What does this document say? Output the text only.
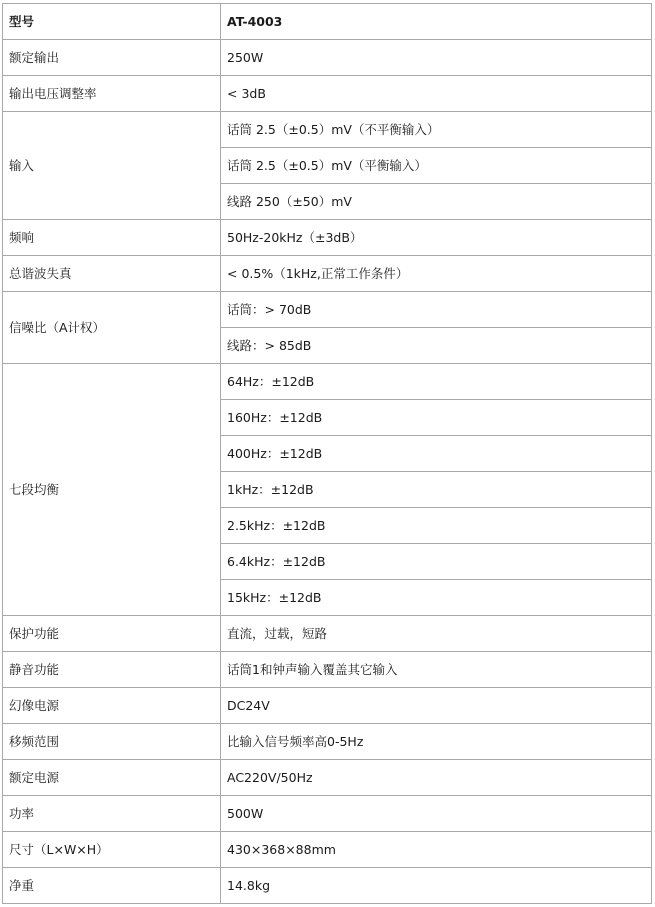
型号	AT-4003
额定输出	250W
输出电压调整率	< 3dB
输入	话筒 2.5（±0.5）mV（不平衡输入）
	话筒 2.5（±0.5）mV（平衡输入）
	线路 250（±50）mV
频响	50Hz-20kHz（±3dB）
总谐波失真	< 0.5%（1kHz,正常工作条件）
信噪比（A计权）	话筒：> 70dB
	线路：> 85dB
七段均衡	64Hz：±12dB
	160Hz：±12dB
	400Hz：±12dB
	1kHz：±12dB
	2.5kHz：±12dB
	6.4kHz：±12dB
	15kHz：±12dB
保护功能	直流，过载，短路
静音功能	话筒1和钟声输入覆盖其它输入
幻像电源	DC24V
移频范围	比输入信号频率高0-5Hz
额定电源	AC220V/50Hz
功率	500W
尺寸（L×W×H）	430×368×88mm
净重	14.8kg
